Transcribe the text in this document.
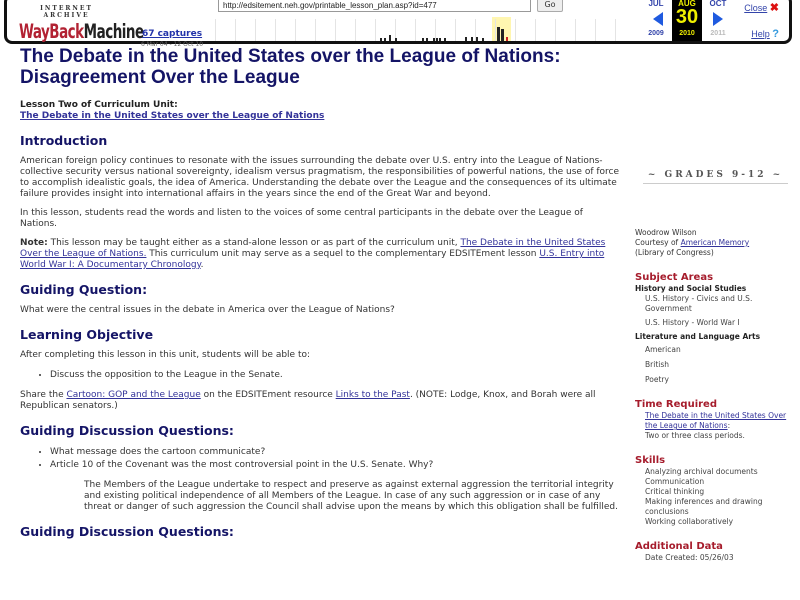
INTERNET ARCHIVE
WayBackMachine
67 captures
6 Mar 04 - 12 Oct 10
http://edsitement.neh.gov/printable_lesson_plan.asp?id=477	Go	JUL
2009
AUG
30
2010
OCT
2011
Close ✖
Help ?
The Debate in the United States over the League of Nations: Disagreement Over the League
Lesson Two of Curriculum Unit:
The Debate in the United States over the League of Nations
Introduction

American foreign policy continues to resonate with the issues surrounding the debate over U.S. entry into the League of Nations-collective security versus national sovereignty, idealism versus pragmatism, the responsibilities of powerful nations, the use of force to accomplish idealistic goals, the idea of America. Understanding the debate over the League and the consequences of its ultimate failure provides insight into international affairs in the years since the end of the Great War and beyond.

In this lesson, students read the words and listen to the voices of some central participants in the debate over the League of Nations.

Note: This lesson may be taught either as a stand-alone lesson or as part of the curriculum unit, The Debate in the United States Over the League of Nations. This curriculum unit may serve as a sequel to the complementary EDSITEment lesson U.S. Entry into World War I: A Documentary Chronology.

Guiding Question:

What were the central issues in the debate in America over the League of Nations?

Learning Objective

After completing this lesson in this unit, students will be able to:

• Discuss the opposition to the League in the Senate.

Share the Cartoon: GOP and the League on the EDSITEment resource Links to the Past. (NOTE: Lodge, Knox, and Borah were all Republican senators.)

Guiding Discussion Questions:
• What message does the cartoon communicate?
• Article 10 of the Covenant was the most controversial point in the U.S. Senate. Why?
The Members of the League undertake to respect and preserve as against external aggression the territorial integrity and existing political independence of all Members of the League. In case of any such aggression or in case of any threat or danger of such aggression the Council shall advise upon the means by which this obligation shall be fulfilled.
Guiding Discussion Questions:
~ GRADES 9-12 ~
Woodrow Wilson
Courtesy of American Memory
(Library of Congress)
Subject Areas
History and Social Studies
U.S. History - Civics and U.S. Government
U.S. History - World War I
Literature and Language Arts
American
British
Poetry
Time Required
The Debate in the United States Over the League of Nations:
Two or three class periods.
Skills
Analyzing archival documents
Communication
Critical thinking
Making inferences and drawing conclusions
Working collaboratively
Additional Data
Date Created: 05/26/03
